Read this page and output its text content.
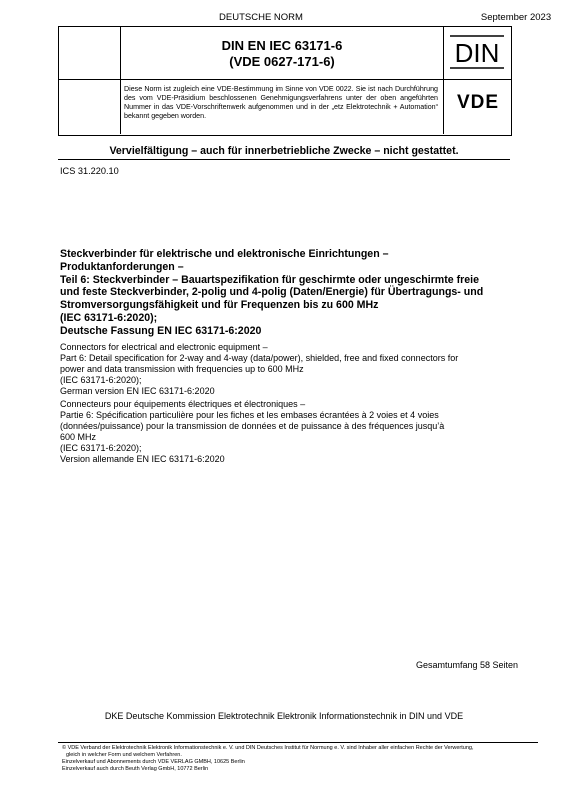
DEUTSCHE NORM	September 2023
DIN EN IEC 63171-6
(VDE 0627-171-6)	DIN
VDE
Diese Norm ist zugleich eine VDE-Bestimmung im Sinne von VDE 0022. Sie ist nach Durchführung des vom VDE-Präsidium beschlossenen Genehmigungsverfahrens unter der oben angeführten Nummer in das VDE-Vorschriftenwerk aufgenommen und in der „etz Elektrotechnik + Automation“ bekannt gegeben worden.
Vervielfältigung – auch für innerbetriebliche Zwecke – nicht gestattet.
ICS 31.220.10
Steckverbinder für elektrische und elektronische Einrichtungen –
Produktanforderungen –
Teil 6: Steckverbinder – Bauartspezifikation für geschirmte oder ungeschirmte freie
und feste Steckverbinder, 2-polig und 4-polig (Daten/Energie) für Übertragungs- und
Stromversorgungsfähigkeit und für Frequenzen bis zu 600 MHz
(IEC 63171-6:2020);
Deutsche Fassung EN IEC 63171-6:2020
Connectors for electrical and electronic equipment –
Part 6: Detail specification for 2-way and 4-way (data/power), shielded, free and fixed connectors for
power and data transmission with frequencies up to 600 MHz
(IEC 63171-6:2020);
German version EN IEC 63171-6:2020
Connecteurs pour équipements électriques et électroniques –
Partie 6: Spécification particulière pour les fiches et les embases écrantées à 2 voies et 4 voies
(données/puissance) pour la transmission de données et de puissance à des fréquences jusqu’à
600 MHz
(IEC 63171-6:2020);
Version allemande EN IEC 63171-6:2020
Gesamtumfang 58 Seiten
DKE Deutsche Kommission Elektrotechnik Elektronik Informationstechnik in DIN und VDE
© VDE Verband der Elektrotechnik Elektronik Informationstechnik e. V. und DIN Deutsches Institut für Normung e. V. sind Inhaber aller einfachen Rechte der Verwertung,
gleich in welcher Form und welchem Verfahren.
Einzelverkauf und Abonnements durch VDE VERLAG GMBH, 10625 Berlin
Einzelverkauf auch durch Beuth Verlag GmbH, 10772 Berlin
